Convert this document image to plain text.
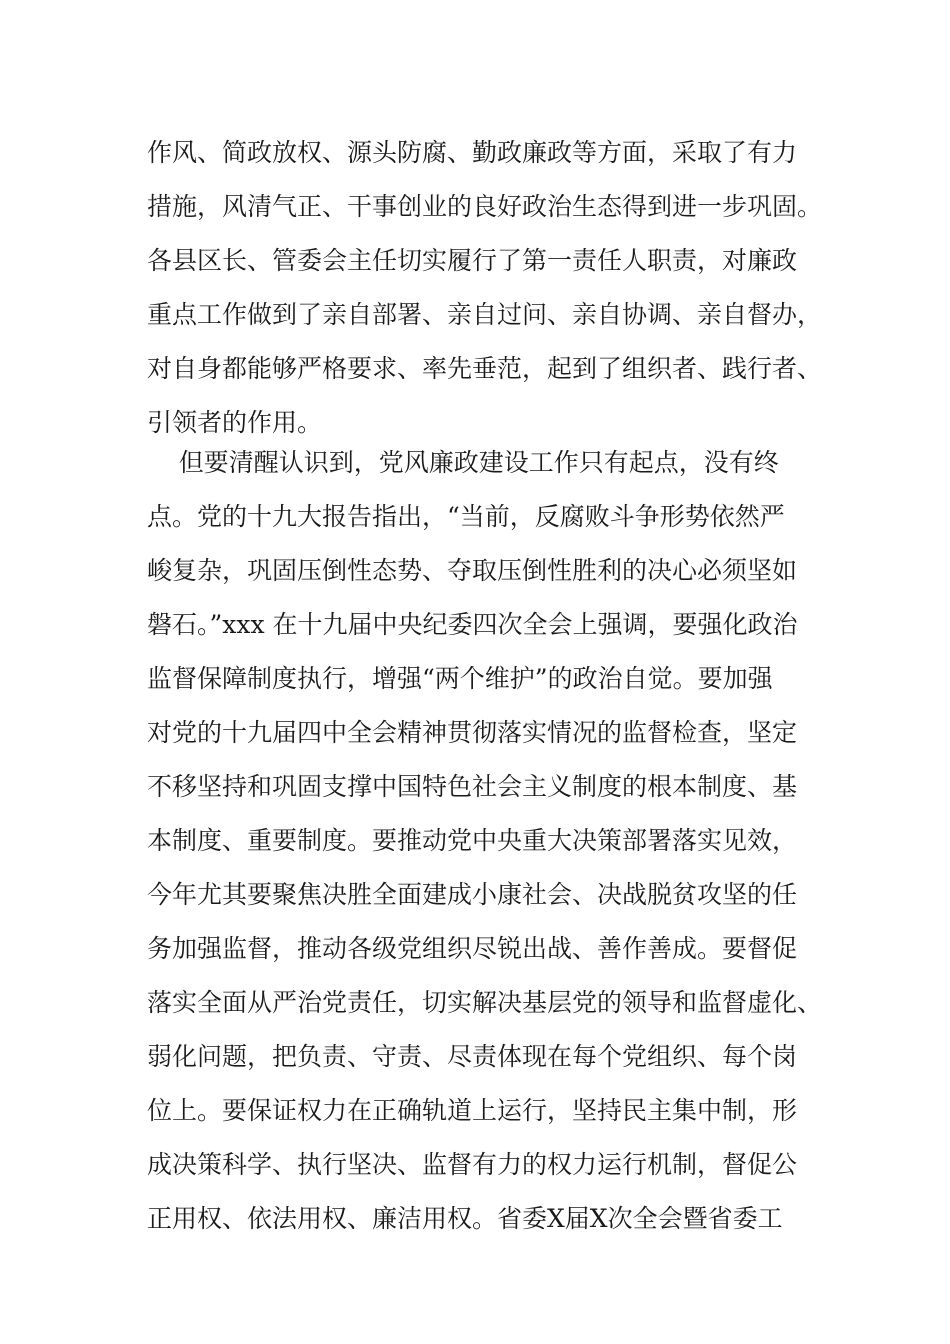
作风、简政放权、源头防腐、勤政廉政等方面，采取了有力
措施，风清气正、干事创业的良好政治生态得到进一步巩固。
各县区长、管委会主任切实履行了第一责任人职责，对廉政
重点工作做到了亲自部署、亲自过问、亲自协调、亲自督办，
对自身都能够严格要求、率先垂范，起到了组织者、践行者、
引领者的作用。
但要清醒认识到，党风廉政建设工作只有起点，没有终
点。党的十九大报告指出，“当前，反腐败斗争形势依然严
峻复杂，巩固压倒性态势、夺取压倒性胜利的决心必须坚如
磐石。”xxx 在十九届中央纪委四次全会上强调，要强化政治
监督保障制度执行，增强“两个维护”的政治自觉。要加强
对党的十九届四中全会精神贯彻落实情况的监督检查，坚定
不移坚持和巩固支撑中国特色社会主义制度的根本制度、基
本制度、重要制度。要推动党中央重大决策部署落实见效，
今年尤其要聚焦决胜全面建成小康社会、决战脱贫攻坚的任
务加强监督，推动各级党组织尽锐出战、善作善成。要督促
落实全面从严治党责任，切实解决基层党的领导和监督虚化、
弱化问题，把负责、守责、尽责体现在每个党组织、每个岗
位上。要保证权力在正确轨道上运行，坚持民主集中制，形
成决策科学、执行坚决、监督有力的权力运行机制，督促公
正用权、依法用权、廉洁用权。省委X届X次全会暨省委工
